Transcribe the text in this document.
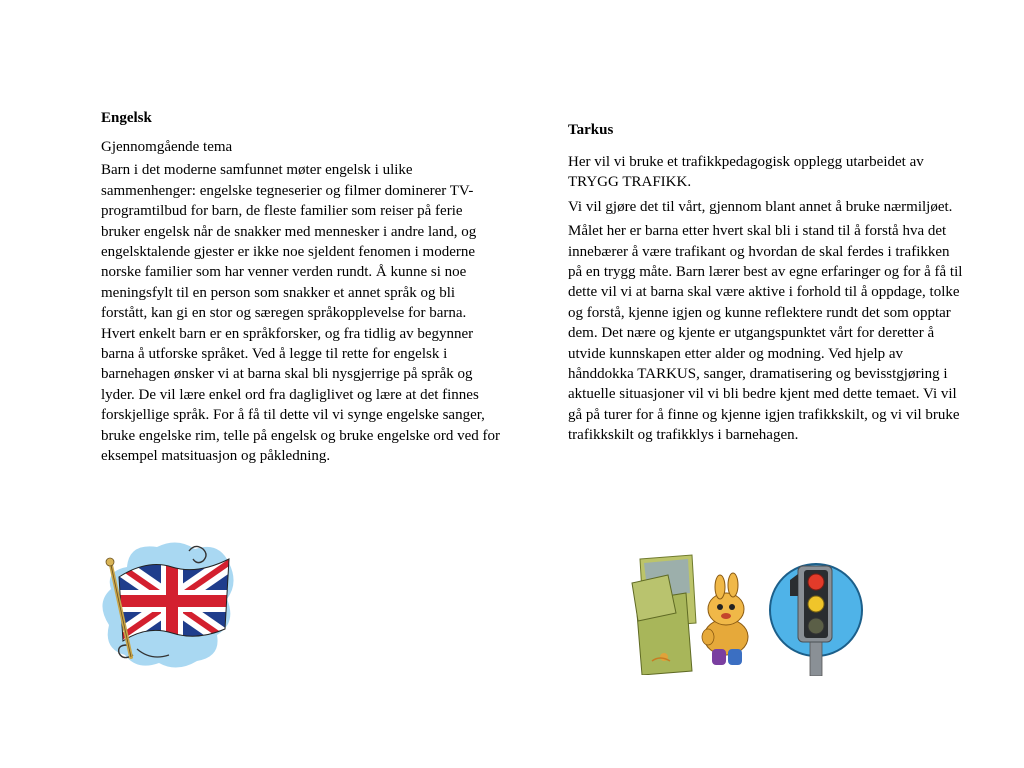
Engelsk

Gjennomgående tema

Barn i det moderne samfunnet møter engelsk i ulike sammenhenger: engelske tegneserier og filmer dominerer TV-programtilbud for barn, de fleste familier som reiser på ferie bruker engelsk når de snakker med mennesker i andre land, og engelsktalende gjester er ikke noe sjeldent fenomen i moderne norske familier som har venner verden rundt. Å kunne si noe meningsfylt til en person som snakker et annet språk og bli forstått, kan gi en stor og særegen språkopplevelse for barna. Hvert enkelt barn er en språkforsker, og fra tidlig av begynner barna å utforske språket. Ved å legge til rette for engelsk i barnehagen ønsker vi at barna skal bli nysgjerrige på språk og lyder. De vil lære enkel ord fra dagliglivet og lære at det finnes forskjellige språk. For å få til dette vil vi synge engelske sanger, bruke engelske rim, telle på engelsk og bruke engelske ord ved for eksempel matsituasjon og påkledning.

Tarkus

Her vil vi bruke et trafikkpedagogisk opplegg utarbeidet av TRYGG TRAFIKK.

Vi vil gjøre det til vårt, gjennom blant annet å bruke nærmiljøet.

Målet her er barna etter hvert skal bli i stand til å forstå hva det innebærer å være trafikant og hvordan de skal ferdes i trafikken på en trygg måte. Barn lærer best av egne erfaringer og for å få til dette vil vi at barna skal være aktive i forhold til å oppdage, tolke og forstå, kjenne igjen og kunne reflektere rundt det som opptar dem. Det nære og kjente er utgangspunktet vårt for deretter å utvide kunnskapen etter alder og modning. Ved hjelp av hånddokka TARKUS, sanger, dramatisering og bevisstgjøring i aktuelle situasjoner vil vi bli bedre kjent med dette temaet. Vi vil gå på turer for å finne og kjenne igjen trafikkskilt, og vi vil bruke trafikkskilt og trafikklys i barnehagen.
